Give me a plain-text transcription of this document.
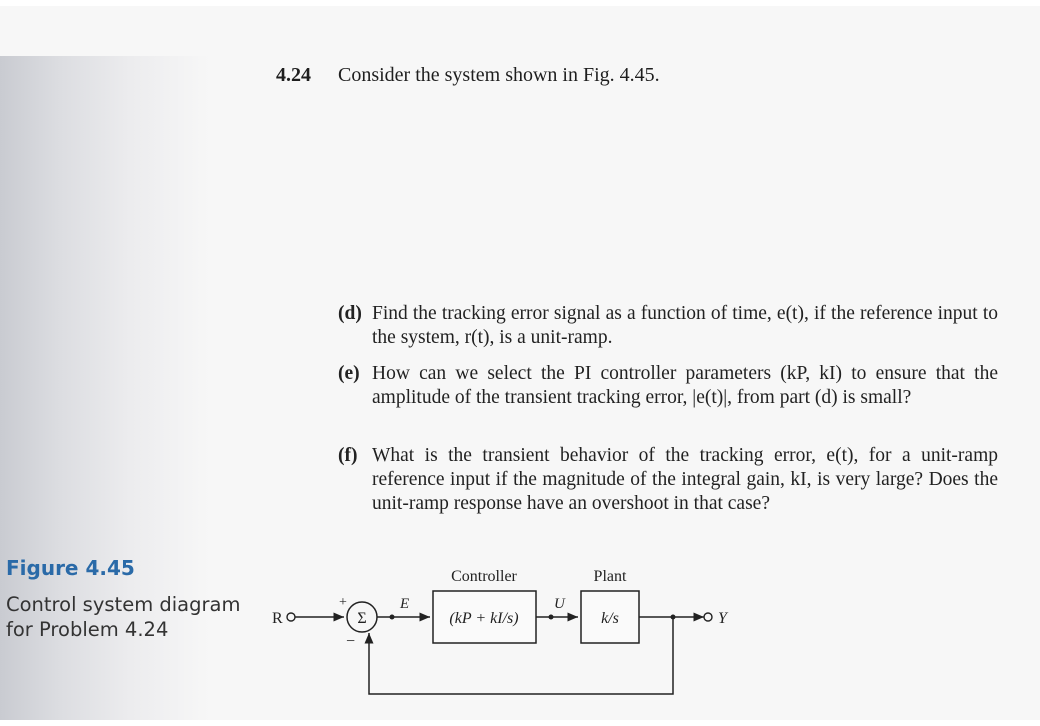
4.24 Consider the system shown in Fig. 4.45.
(d) Find the tracking error signal as a function of time, e(t), if the reference input to the system, r(t), is a unit-ramp.
(e) How can we select the PI controller parameters (kP, kI) to ensure that the amplitude of the transient tracking error, |e(t)|, from part (d) is small?
(f) What is the transient behavior of the tracking error, e(t), for a unit-ramp reference input if the magnitude of the integral gain, kI, is very large? Does the unit-ramp response have an overshoot in that case?
Figure 4.45
Control system diagram for Problem 4.24	R	Σ
+
−
E
Controller
(kP + kI/s)
U
Plant
k/s	Y
